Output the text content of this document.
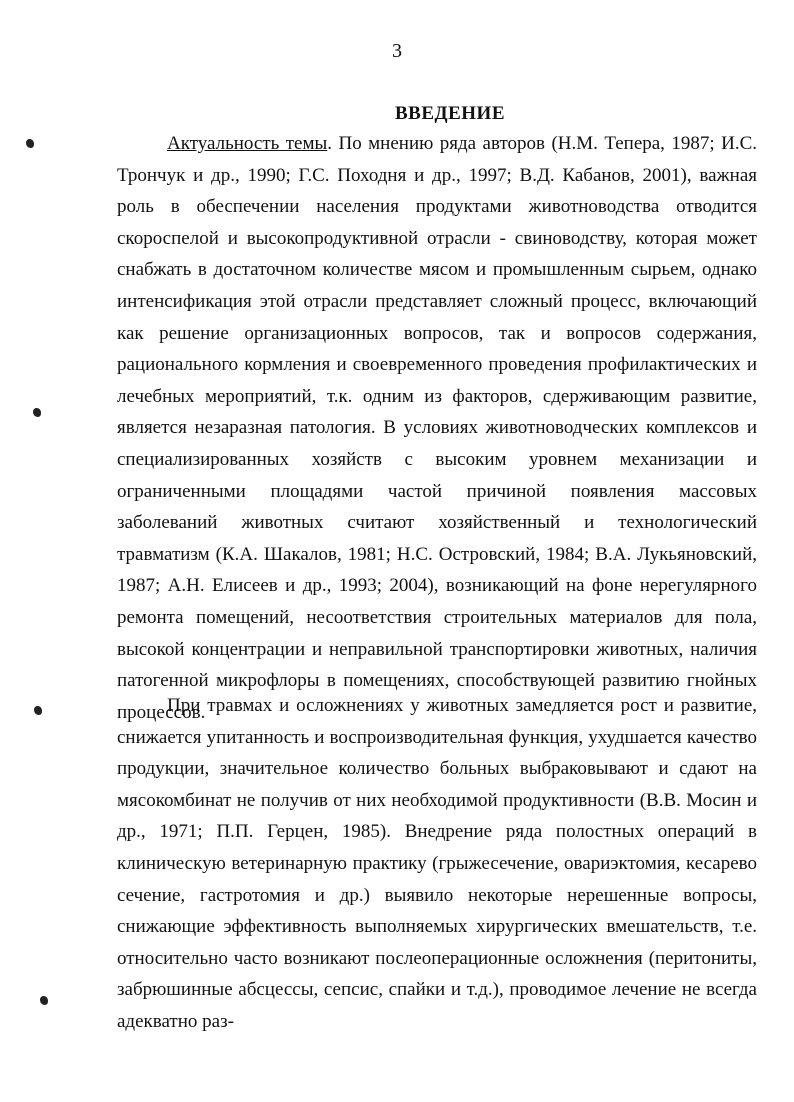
3
ВВЕДЕНИЕ

Актуальность темы. По мнению ряда авторов (Н.М. Тепера, 1987; И.С. Трончук и др., 1990; Г.С. Походня и др., 1997; В.Д. Кабанов, 2001), важная роль в обеспечении населения продуктами животноводства отводится скороспелой и высокопродуктивной отрасли - свиноводству, которая может снабжать в достаточном количестве мясом и промышленным сырьем, однако интенсификация этой отрасли представляет сложный процесс, включающий как решение организационных вопросов, так и вопросов содержания, рационального кормления и своевременного проведения профилактических и лечебных мероприятий, т.к. одним из факторов, сдерживающим развитие, является незаразная патология. В условиях животноводческих комплексов и специализированных хозяйств с высоким уровнем механизации и ограниченными площадями частой причиной появления массовых заболеваний животных считают хозяйственный и технологический травматизм (К.А. Шакалов, 1981; Н.С. Островский, 1984; В.А. Лукьяновский, 1987; А.Н. Елисеев и др., 1993; 2004), возникающий на фоне нерегулярного ремонта помещений, несоответствия строительных материалов для пола, высокой концентрации и неправильной транспортировки животных, наличия патогенной микрофлоры в помещениях, способствующей развитию гнойных процессов.

При травмах и осложнениях у животных замедляется рост и развитие, снижается упитанность и воспроизводительная функция, ухудшается качество продукции, значительное количество больных выбраковывают и сдают на мясокомбинат не получив от них необходимой продуктивности (В.В. Мосин и др., 1971; П.П. Герцен, 1985). Внедрение ряда полостных операций в клиническую ветеринарную практику (грыжесечение, овариэктомия, кесарево сечение, гастротомия и др.) выявило некоторые нерешенные вопросы, снижающие эффективность выполняемых хирургических вмешательств, т.е. относительно часто возникают послеоперационные осложнения (перитониты, забрюшинные абсцессы, сепсис, спайки и т.д.), проводимое лечение не всегда адекватно раз-
